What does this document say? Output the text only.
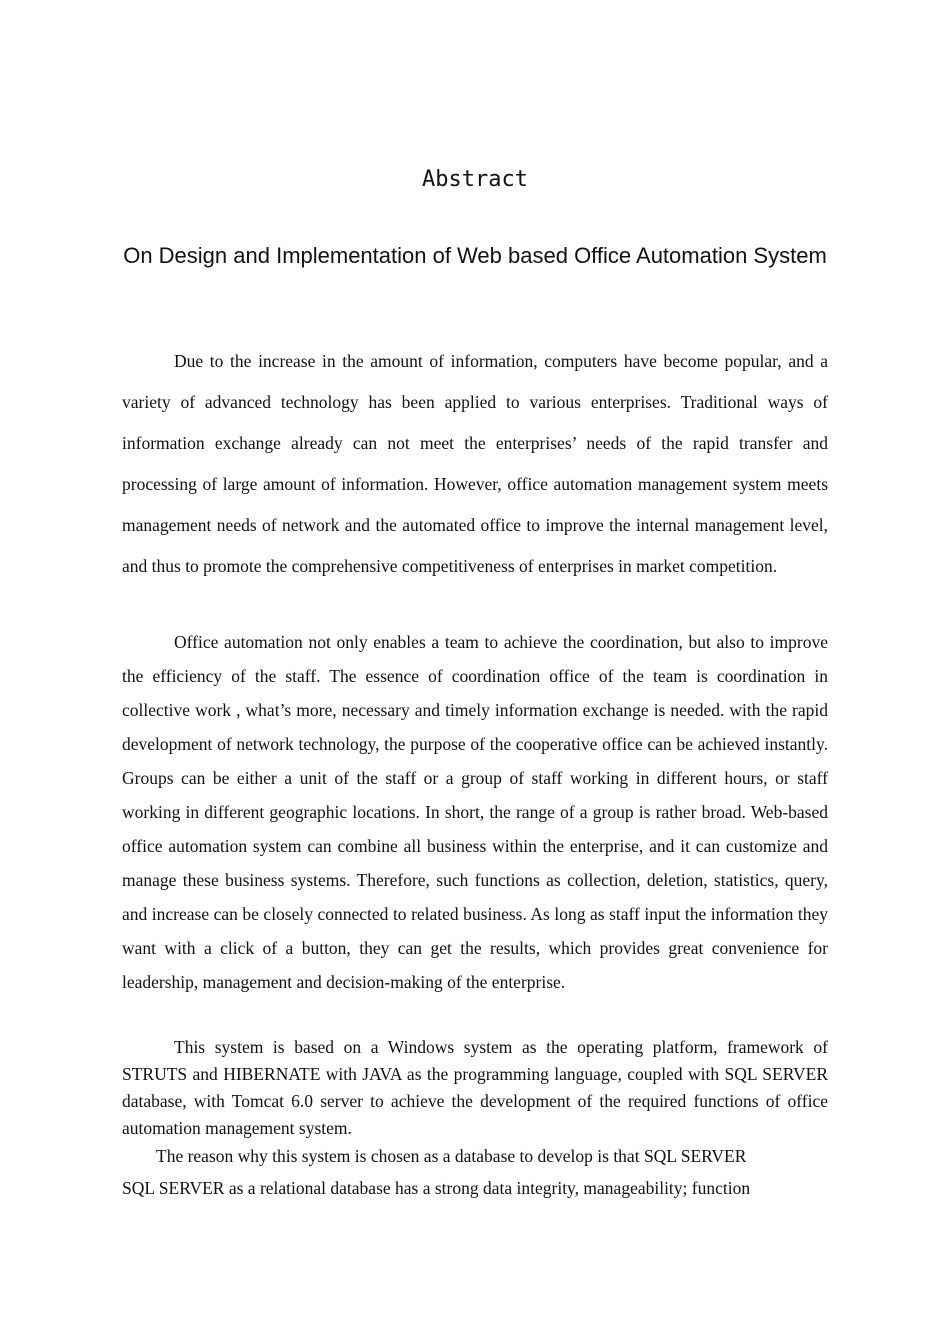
Abstract
On Design and Implementation of Web based Office Automation System

Due to the increase in the amount of information, computers have become popular, and a variety of advanced technology has been applied to various enterprises. Traditional ways of information exchange already can not meet the enterprises’ needs of the rapid transfer and processing of large amount of information. However, office automation management system meets management needs of network and the automated office to improve the internal management level, and thus to promote the comprehensive competitiveness of enterprises in market competition.

Office automation not only enables a team to achieve the coordination, but also to improve the efficiency of the staff. The essence of coordination office of the team is coordination in collective work , what’s more, necessary and timely information exchange is needed. with the rapid development of network technology, the purpose of the cooperative office can be achieved instantly. Groups can be either a unit of the staff or a group of staff working in different hours, or staff working in different geographic locations. In short, the range of a group is rather broad. Web-based office automation system can combine all business within the enterprise, and it can customize and manage these business systems. Therefore, such functions as collection, deletion, statistics, query, and increase can be closely connected to related business. As long as staff input the information they want with a click of a button, they can get the results, which provides great convenience for leadership, management and decision-making of the enterprise.

This system is based on a Windows system as the operating platform, framework of STRUTS and HIBERNATE with JAVA as the programming language, coupled with SQL SERVER database, with Tomcat 6.0 server to achieve the development of the required functions of office automation management system.

The reason why this system is chosen as a database to develop is that SQL SERVER
SQL SERVER as a relational database has a strong data integrity, manageability; function
